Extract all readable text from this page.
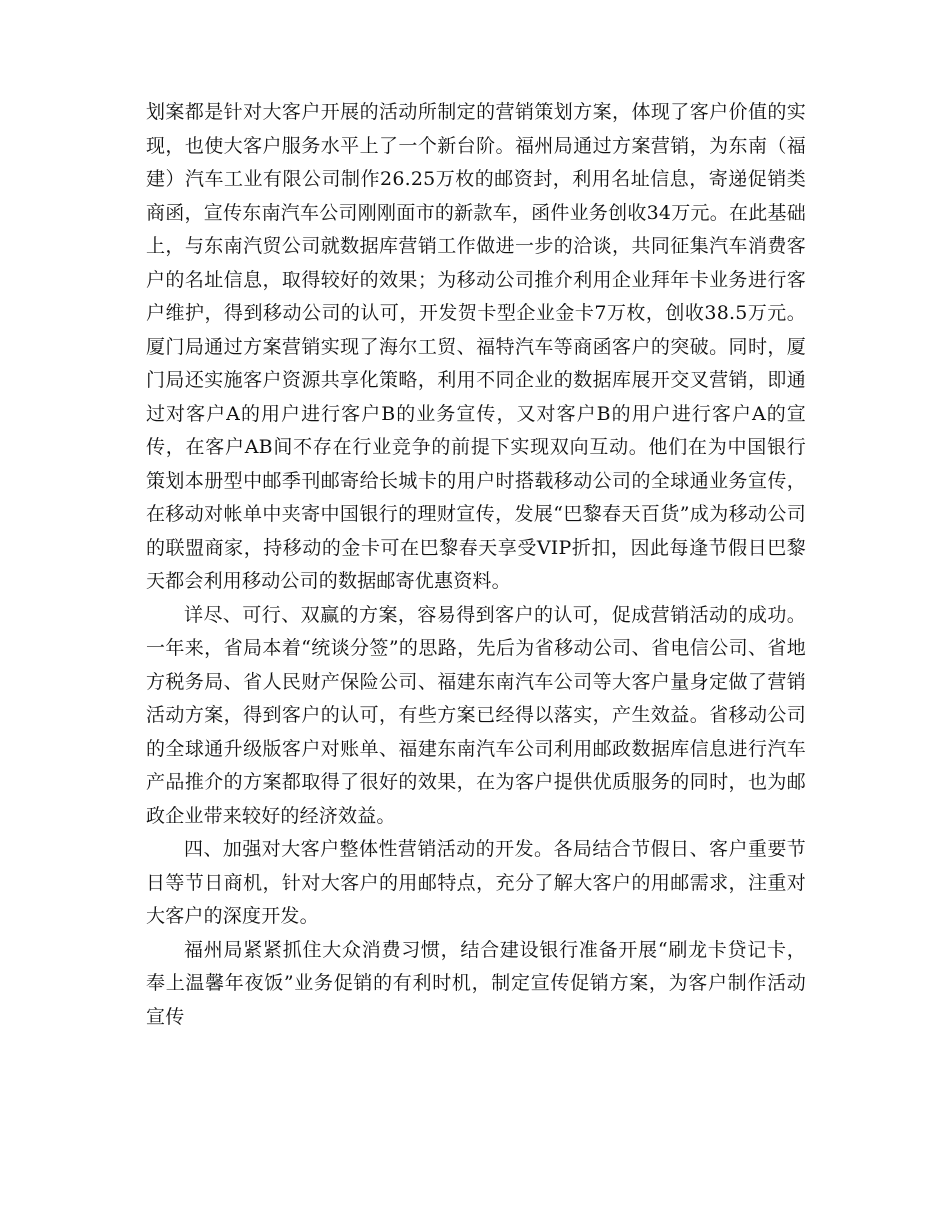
划案都是针对大客户开展的活动所制定的营销策划方案，体现了客户价值的实现，也使大客户服务水平上了一个新台阶。福州局通过方案营销，为东南（福建）汽车工业有限公司制作26.25万枚的邮资封，利用名址信息，寄递促销类商函，宣传东南汽车公司刚刚面市的新款车，函件业务创收34万元。在此基础上，与东南汽贸公司就数据库营销工作做进一步的洽谈，共同征集汽车消费客户的名址信息，取得较好的效果；为移动公司推介利用企业拜年卡业务进行客户维护，得到移动公司的认可，开发贺卡型企业金卡7万枚，创收38.5万元。厦门局通过方案营销实现了海尔工贸、福特汽车等商函客户的突破。同时，厦门局还实施客户资源共享化策略，利用不同企业的数据库展开交叉营销，即通过对客户A的用户进行客户B的业务宣传，又对客户B的用户进行客户A的宣传，在客户AB间不存在行业竞争的前提下实现双向互动。他们在为中国银行策划本册型中邮季刊邮寄给长城卡的用户时搭载移动公司的全球通业务宣传，在移动对帐单中夹寄中国银行的理财宣传，发展“巴黎春天百货”成为移动公司的联盟商家，持移动的金卡可在巴黎春天享受VIP折扣，因此每逢节假日巴黎天都会利用移动公司的数据邮寄优惠资料。

详尽、可行、双赢的方案，容易得到客户的认可，促成营销活动的成功。一年来，省局本着“统谈分签”的思路，先后为省移动公司、省电信公司、省地方税务局、省人民财产保险公司、福建东南汽车公司等大客户量身定做了营销活动方案，得到客户的认可，有些方案已经得以落实，产生效益。省移动公司的全球通升级版客户对账单、福建东南汽车公司利用邮政数据库信息进行汽车产品推介的方案都取得了很好的效果，在为客户提供优质服务的同时，也为邮政企业带来较好的经济效益。

四、加强对大客户整体性营销活动的开发。各局结合节假日、客户重要节日等节日商机，针对大客户的用邮特点，充分了解大客户的用邮需求，注重对大客户的深度开发。

福州局紧紧抓住大众消费习惯，结合建设银行准备开展“刷龙卡贷记卡，奉上温馨年夜饭”业务促销的有利时机，制定宣传促销方案，为客户制作活动宣传
